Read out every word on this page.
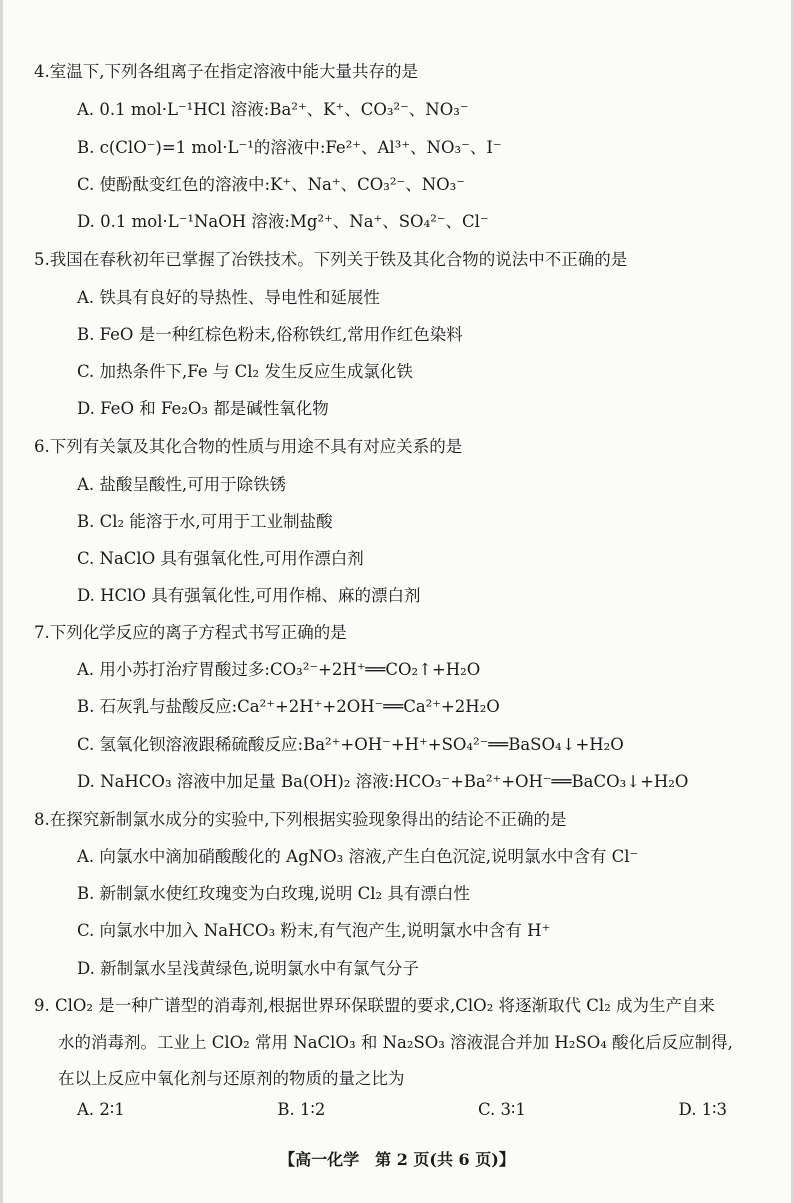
4.室温下,下列各组离子在指定溶液中能大量共存的是
A. 0.1 mol·L⁻¹HCl 溶液:Ba²⁺、K⁺、CO₃²⁻、NO₃⁻
B. c(ClO⁻)=1 mol·L⁻¹的溶液中:Fe²⁺、Al³⁺、NO₃⁻、I⁻
C. 使酚酞变红色的溶液中:K⁺、Na⁺、CO₃²⁻、NO₃⁻
D. 0.1 mol·L⁻¹NaOH 溶液:Mg²⁺、Na⁺、SO₄²⁻、Cl⁻
5.我国在春秋初年已掌握了冶铁技术。下列关于铁及其化合物的说法中不正确的是
A. 铁具有良好的导热性、导电性和延展性
B. FeO 是一种红棕色粉末,俗称铁红,常用作红色染料
C. 加热条件下,Fe 与 Cl₂ 发生反应生成氯化铁
D. FeO 和 Fe₂O₃ 都是碱性氧化物
6.下列有关氯及其化合物的性质与用途不具有对应关系的是
A. 盐酸呈酸性,可用于除铁锈
B. Cl₂ 能溶于水,可用于工业制盐酸
C. NaClO 具有强氧化性,可用作漂白剂
D. HClO 具有强氧化性,可用作棉、麻的漂白剂
7.下列化学反应的离子方程式书写正确的是
A. 用小苏打治疗胃酸过多:CO₃²⁻+2H⁺══CO₂↑+H₂O
B. 石灰乳与盐酸反应:Ca²⁺+2H⁺+2OH⁻══Ca²⁺+2H₂O
C. 氢氧化钡溶液跟稀硫酸反应:Ba²⁺+OH⁻+H⁺+SO₄²⁻══BaSO₄↓+H₂O
D. NaHCO₃ 溶液中加足量 Ba(OH)₂ 溶液:HCO₃⁻+Ba²⁺+OH⁻══BaCO₃↓+H₂O
8.在探究新制氯水成分的实验中,下列根据实验现象得出的结论不正确的是
A. 向氯水中滴加硝酸酸化的 AgNO₃ 溶液,产生白色沉淀,说明氯水中含有 Cl⁻
B. 新制氯水使红玫瑰变为白玫瑰,说明 Cl₂ 具有漂白性
C. 向氯水中加入 NaHCO₃ 粉末,有气泡产生,说明氯水中含有 H⁺
D. 新制氯水呈浅黄绿色,说明氯水中有氯气分子
9. ClO₂ 是一种广谱型的消毒剂,根据世界环保联盟的要求,ClO₂ 将逐渐取代 Cl₂ 成为生产自来
水的消毒剂。工业上 ClO₂ 常用 NaClO₃ 和 Na₂SO₃ 溶液混合并加 H₂SO₄ 酸化后反应制得,
在以上反应中氧化剂与还原剂的物质的量之比为
A. 2∶1	B. 1∶2	C. 3∶1	D. 1∶3
【高一化学　第 2 页(共 6 页)】
